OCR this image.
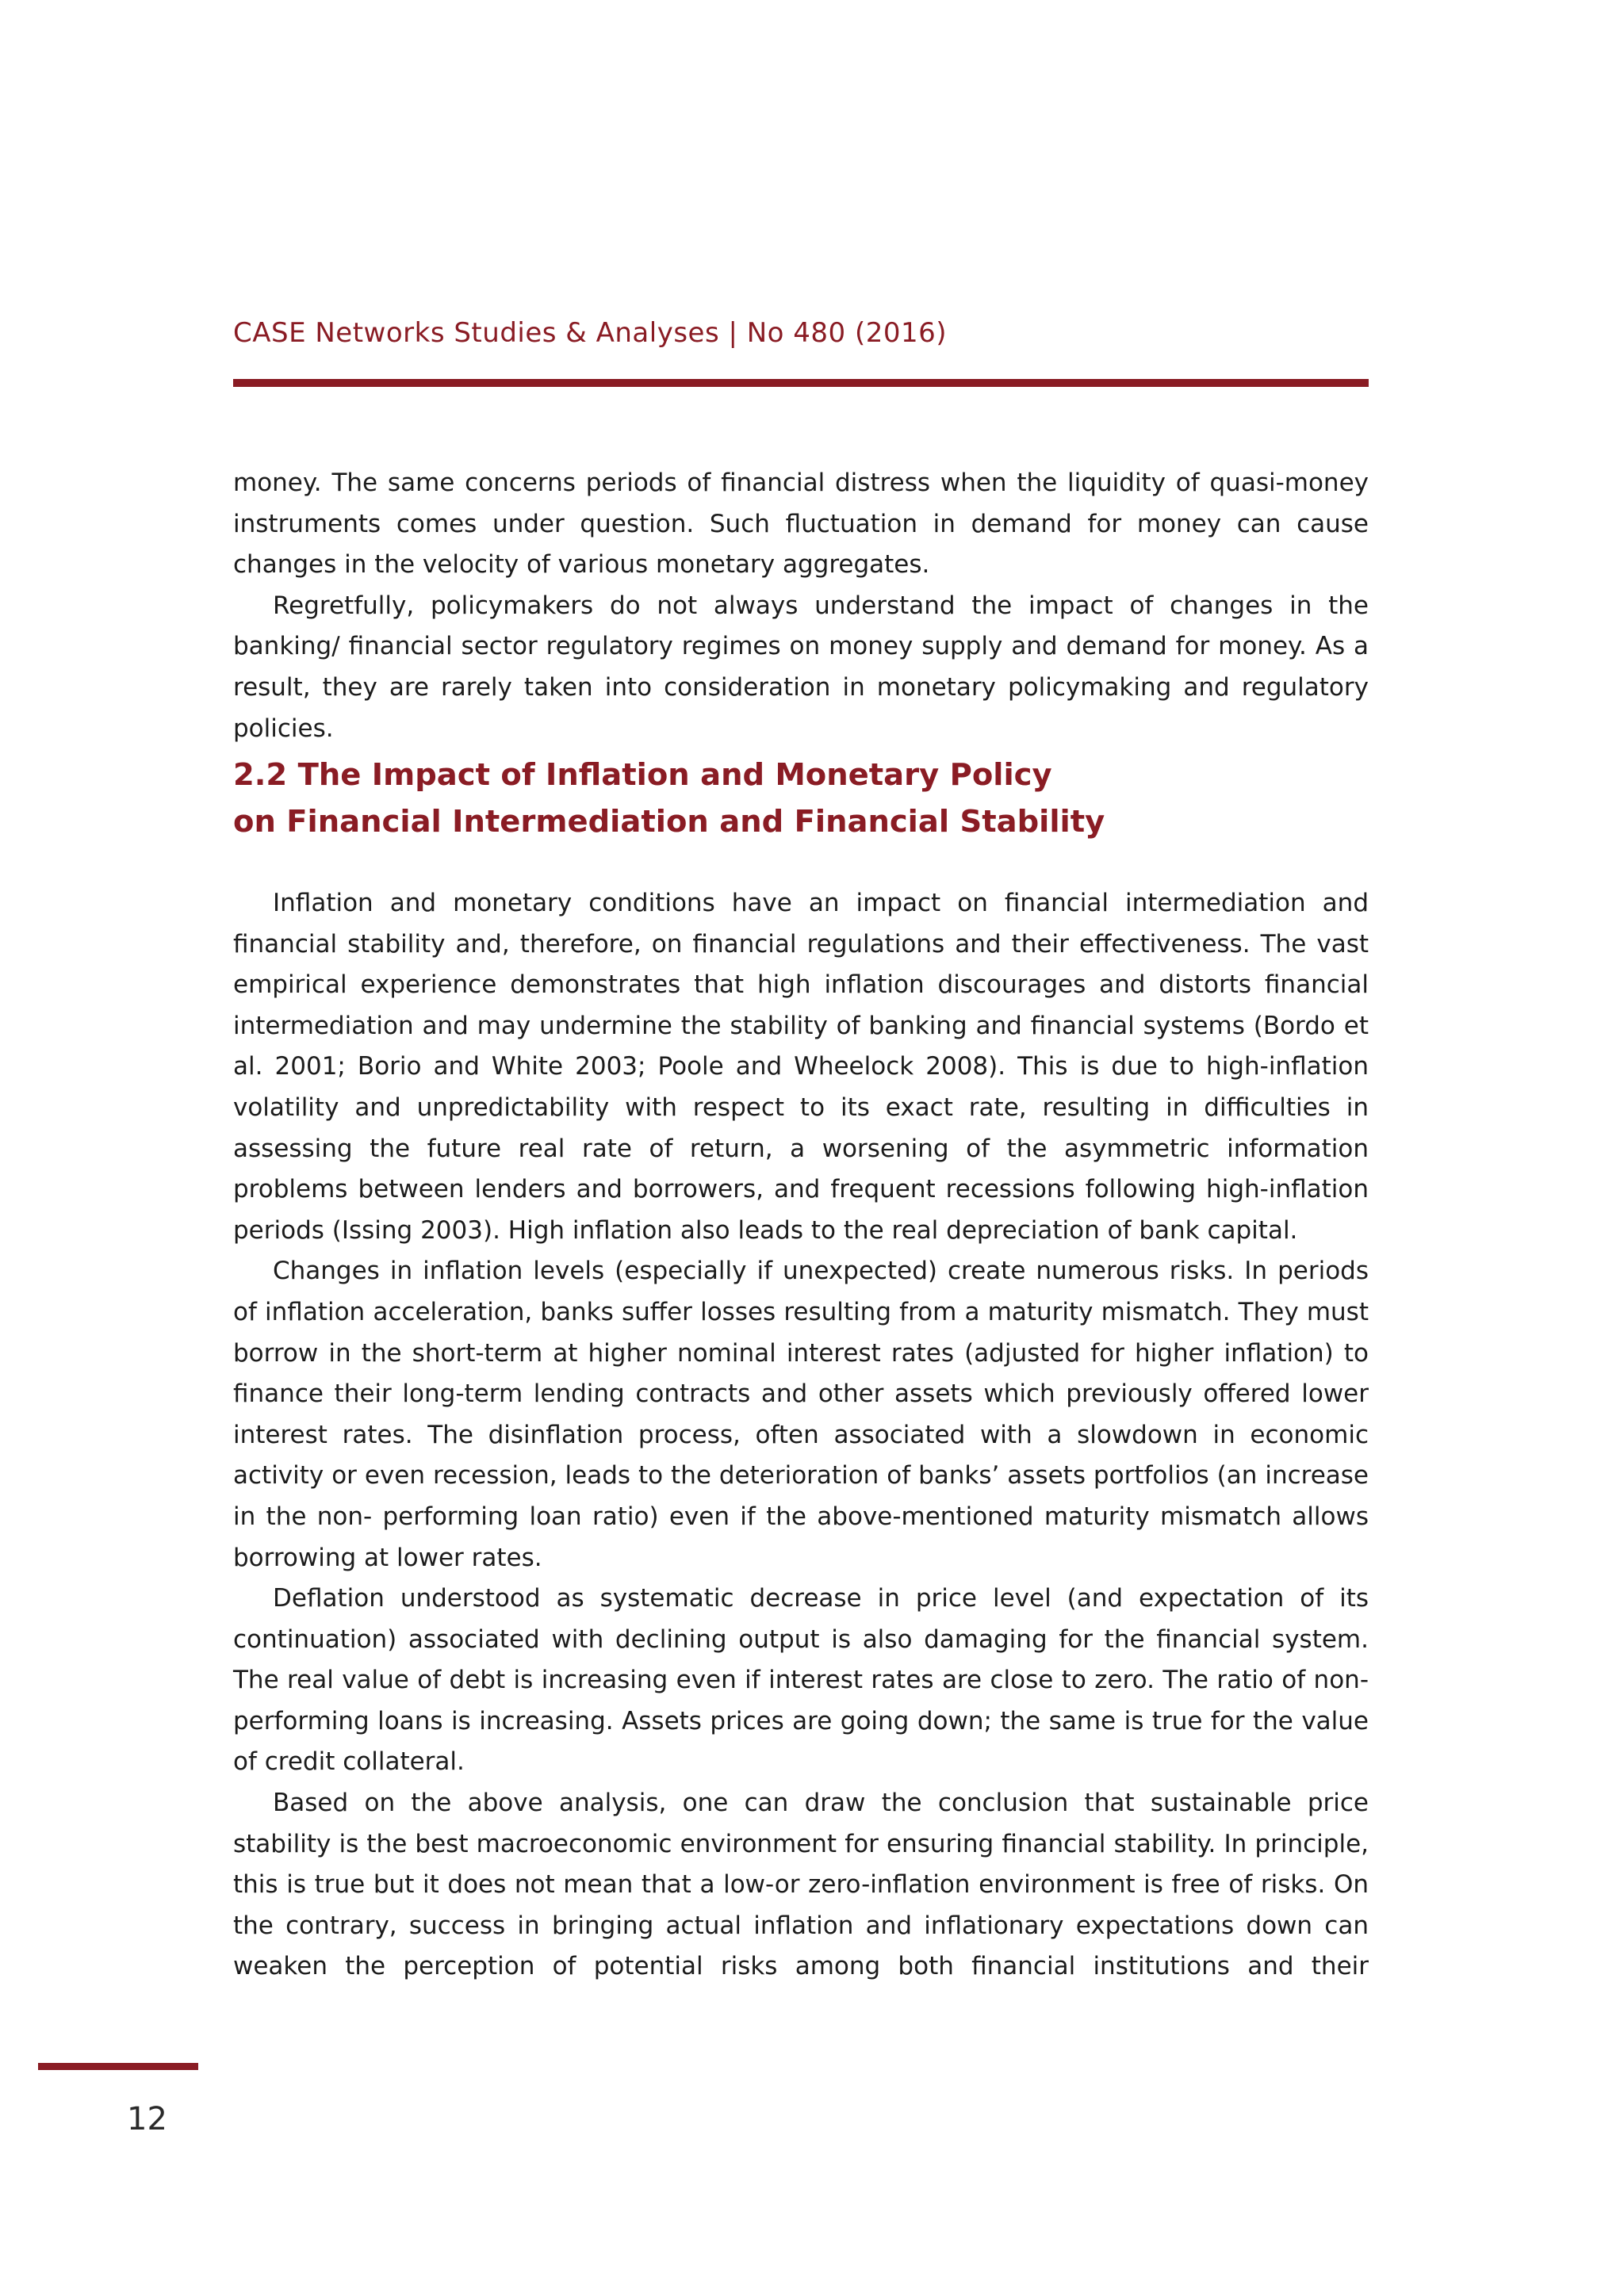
CASE Networks Studies & Analyses | No 480 (2016)

money. The same concerns periods of financial distress when the liquidity of quasi-money instruments comes under question. Such fluctuation in demand for money can cause changes in the velocity of various monetary aggregates.

Regretfully, policymakers do not always understand the impact of changes in the banking/ financial sector regulatory regimes on money supply and demand for money. As a result, they are rarely taken into consideration in monetary policymaking and regulatory policies.

2.2 The Impact of Inflation and Monetary Policy
on Financial Intermediation and Financial Stability

Inflation and monetary conditions have an impact on financial intermediation and financial stability and, therefore, on financial regulations and their effectiveness. The vast empirical experience demonstrates that high inflation discourages and distorts financial intermediation and may undermine the stability of banking and financial systems (Bordo et al. 2001; Borio and White 2003; Poole and Wheelock 2008). This is due to high-inflation volatility and unpredictability with respect to its exact rate, resulting in difficulties in assessing the future real rate of return, a worsening of the asymmetric information problems between lenders and borrowers, and frequent recessions following high-inflation periods (Issing 2003). High inflation also leads to the real depreciation of bank capital.

Changes in inflation levels (especially if unexpected) create numerous risks. In periods of inflation acceleration, banks suffer losses resulting from a maturity mismatch. They must borrow in the short-term at higher nominal interest rates (adjusted for higher inflation) to finance their long-term lending contracts and other assets which previously offered lower interest rates. The disinflation process, often associated with a slowdown in economic activity or even recession, leads to the deterioration of banks’ assets portfolios (an increase in the non- performing loan ratio) even if the above-mentioned maturity mismatch allows borrowing at lower rates.

Deflation understood as systematic decrease in price level (and expectation of its continuation) associated with declining output is also damaging for the financial system. The real value of debt is increasing even if interest rates are close to zero. The ratio of non-performing loans is increasing. Assets prices are going down; the same is true for the value of credit collateral.

Based on the above analysis, one can draw the conclusion that sustainable price stability is the best macroeconomic environment for ensuring financial stability. In principle, this is true but it does not mean that a low-or zero-inflation environment is free of risks. On the contrary, success in bringing actual inflation and inflationary expectations down can weaken the perception of potential risks among both financial institutions and their

12
